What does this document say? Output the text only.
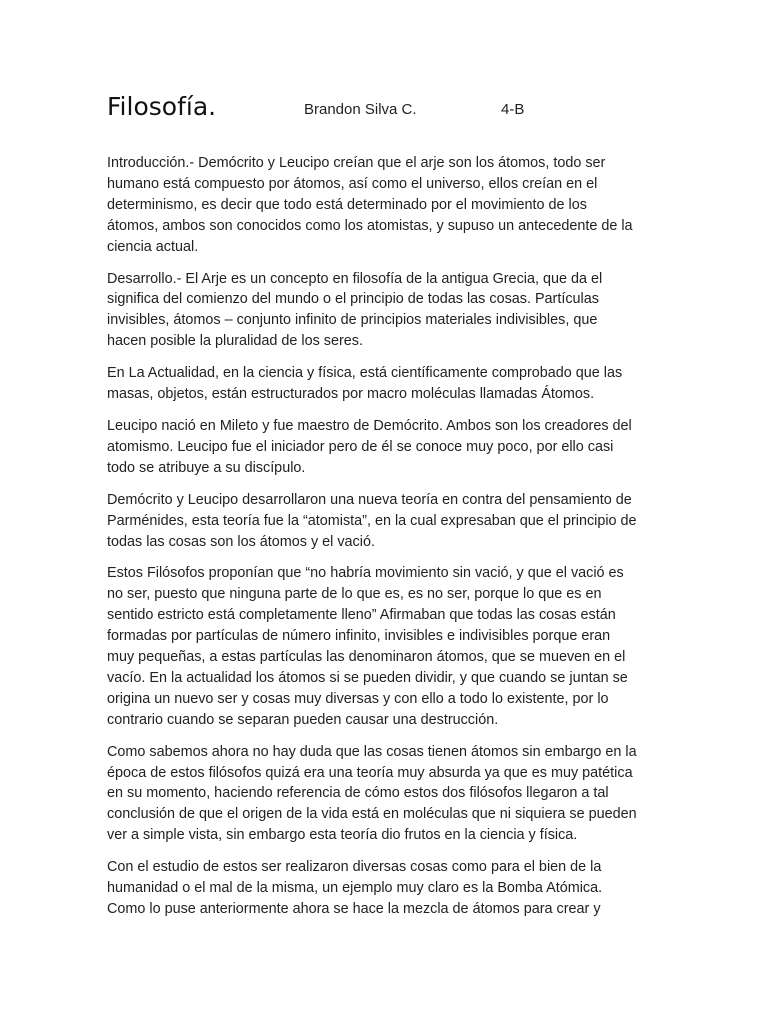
Filosofía.	Brandon Silva C.	4-B

Introducción.- Demócrito y Leucipo creían que el arje son los átomos, todo ser
humano está compuesto por átomos, así como el universo, ellos creían en el
determinismo, es decir que todo está determinado por el movimiento de los
átomos, ambos son conocidos como los atomistas, y supuso un antecedente de la
ciencia actual.

Desarrollo.- El Arje es un concepto en filosofía de la antigua Grecia, que da el
significa del comienzo del mundo o el principio de todas las cosas. Partículas
invisibles, átomos – conjunto infinito de principios materiales indivisibles, que
hacen posible la pluralidad de los seres.

En La Actualidad, en la ciencia y física, está científicamente comprobado que las
masas, objetos, están estructurados por macro moléculas llamadas Átomos.

Leucipo nació en Mileto y fue maestro de Demócrito. Ambos son los creadores del
atomismo. Leucipo fue el iniciador pero de él se conoce muy poco, por ello casi
todo se atribuye a su discípulo.

Demócrito y Leucipo desarrollaron una nueva teoría en contra del pensamiento de
Parménides, esta teoría fue la “atomista”, en la cual expresaban que el principio de
todas las cosas son los átomos y el vació.

Estos Filósofos proponían que “no habría movimiento sin vació, y que el vació es
no ser, puesto que ninguna parte de lo que es, es no ser, porque lo que es en
sentido estricto está completamente lleno” Afirmaban que todas las cosas están
formadas por partículas de número infinito, invisibles e indivisibles porque eran
muy pequeñas, a estas partículas las denominaron átomos, que se mueven en el
vacío. En la actualidad los átomos si se pueden dividir, y que cuando se juntan se
origina un nuevo ser y cosas muy diversas y con ello a todo lo existente, por lo
contrario cuando se separan pueden causar una destrucción.

Como sabemos ahora no hay duda que las cosas tienen átomos sin embargo en la
época de estos filósofos quizá era una teoría muy absurda ya que es muy patética
en su momento, haciendo referencia de cómo estos dos filósofos llegaron a tal
conclusión de que el origen de la vida está en moléculas que ni siquiera se pueden
ver a simple vista, sin embargo esta teoría dio frutos en la ciencia y física.

Con el estudio de estos ser realizaron diversas cosas como para el bien de la
humanidad o el mal de la misma, un ejemplo muy claro es la Bomba Atómica.
Como lo puse anteriormente ahora se hace la mezcla de átomos para crear y
